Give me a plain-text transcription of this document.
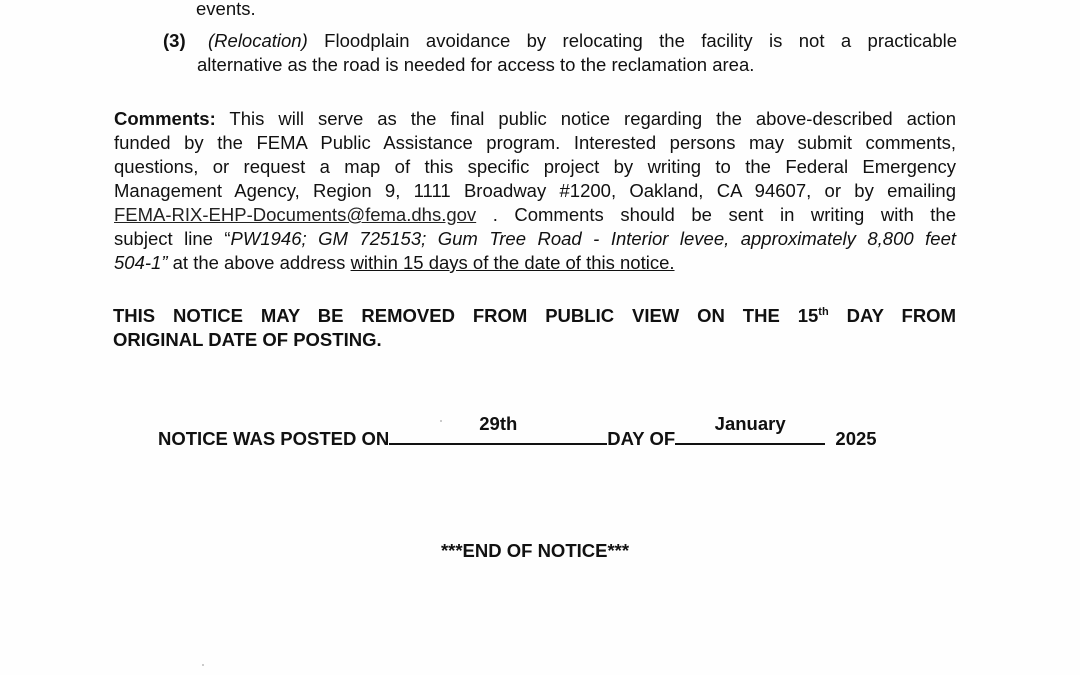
events.

(3) (Relocation) Floodplain avoidance by relocating the facility is not a practicable
alternative as the road is needed for access to the reclamation area.
Comments: This will serve as the final public notice regarding the above-described action
funded by the FEMA Public Assistance program. Interested persons may submit comments,
questions, or request a map of this specific project by writing to the Federal Emergency
Management Agency, Region 9, 1111 Broadway #1200, Oakland, CA 94607, or by emailing
FEMA-RIX-EHP-Documents@fema.dhs.gov . Comments should be sent in writing with the
subject line “PW1946; GM 725153; Gum Tree Road - Interior levee, approximately 8,800 feet
504-1” at the above address within 15 days of the date of this notice.
THIS NOTICE MAY BE REMOVED FROM PUBLIC VIEW ON THE 15th DAY FROM
ORIGINAL DATE OF POSTING.
NOTICE WAS POSTED ON
29th
DAY OF
January
2025
***END OF NOTICE***
